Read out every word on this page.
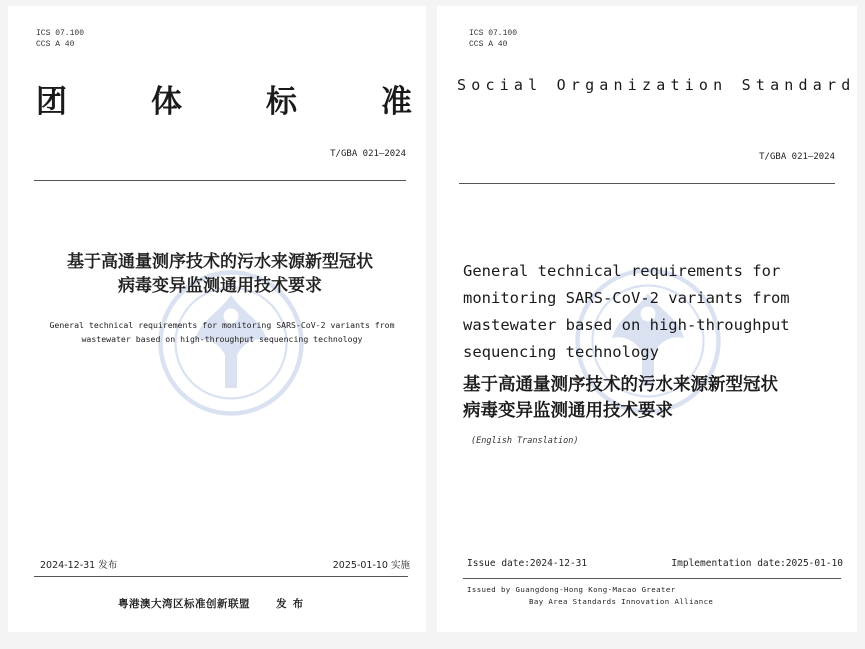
ICS 07.100
CCS A 40
团	体	标	准
T/GBA 021—2024
基于高通量测序技术的污水来源新型冠状
病毒变异监测通用技术要求
General technical requirements for monitoring SARS-CoV-2 variants from
wastewater based on high-throughput sequencing technology
2024-12-31 发布	2025-01-10 实施
粤港澳大湾区标准创新联盟 发布
ICS 07.100
CCS A 40
Social Organization Standard
T/GBA 021—2024
General technical requirements for
monitoring SARS-CoV-2 variants from
wastewater based on high-throughput
sequencing technology
基于高通量测序技术的污水来源新型冠状
病毒变异监测通用技术要求
(English Translation)
Issue date:2024-12-31	Implementation date:2025-01-10
Issued by Guangdong-Hong Kong-Macao Greater
Bay Area Standards Innovation Alliance
